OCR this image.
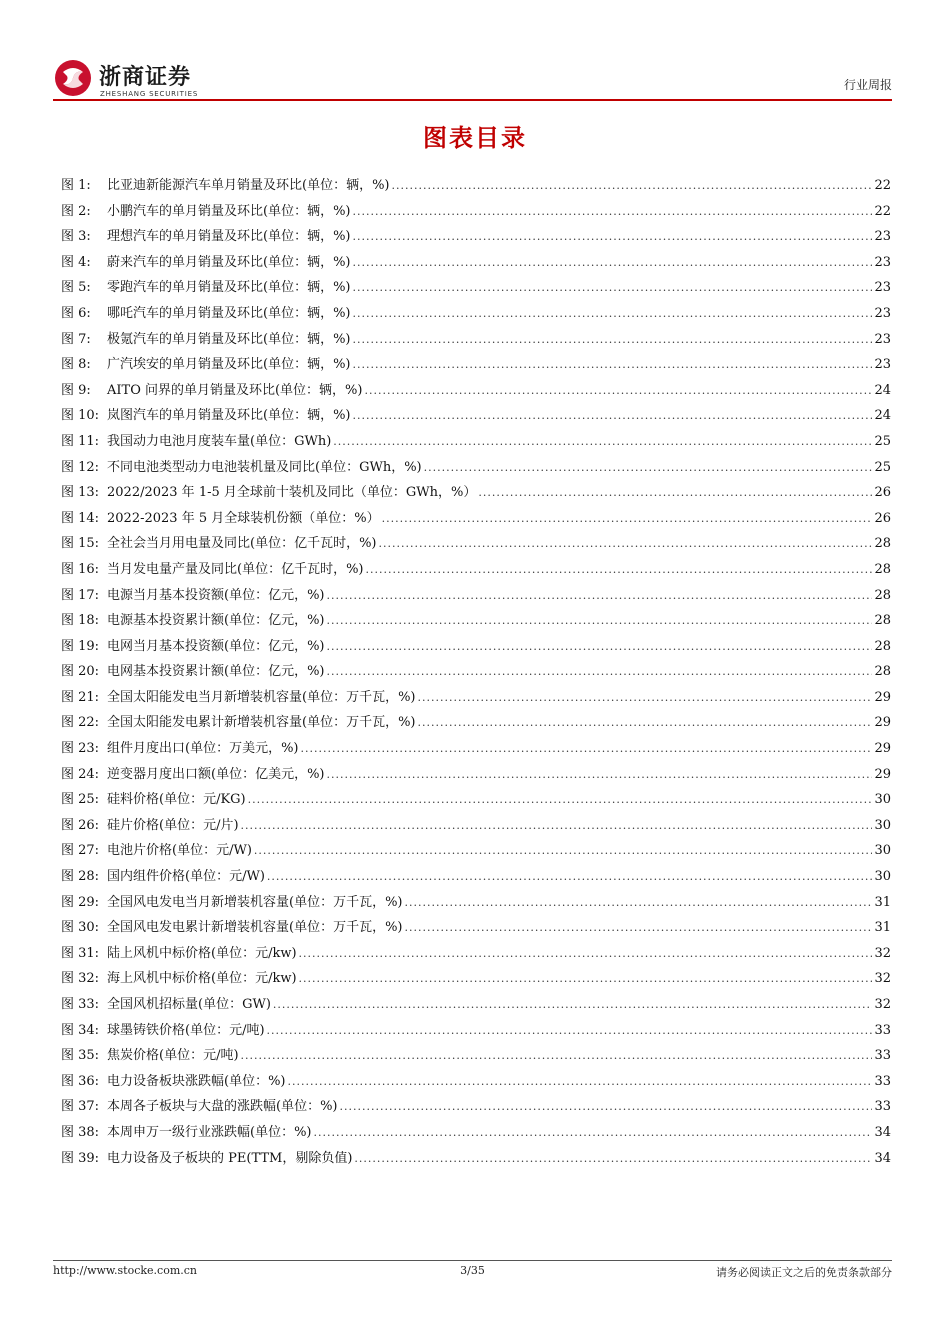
浙商证券
ZHESHANG SECURITIES
行业周报
图表目录
图 1: 比亚迪新能源汽车单月销量及环比(单位：辆，%) .....	22
图 2: 小鹏汽车的单月销量及环比(单位：辆，%) .....	22
图 3: 理想汽车的单月销量及环比(单位：辆，%) .....	23
图 4: 蔚来汽车的单月销量及环比(单位：辆，%) .....	23
图 5: 零跑汽车的单月销量及环比(单位：辆，%) .....	23
图 6: 哪吒汽车的单月销量及环比(单位：辆，%) .....	23
图 7: 极氪汽车的单月销量及环比(单位：辆，%) .....	23
图 8: 广汽埃安的单月销量及环比(单位：辆，%) .....	23
图 9: AITO 问界的单月销量及环比(单位：辆，%) .....	24
图 10: 岚图汽车的单月销量及环比(单位：辆，%) .....	24
图 11: 我国动力电池月度装车量(单位：GWh) .....	25
图 12: 不同电池类型动力电池装机量及同比(单位：GWh，%) .....	25
图 13: 2022/2023 年 1-5 月全球前十装机及同比（单位：GWh，%） .....	26
图 14: 2022-2023 年 5 月全球装机份额（单位：%） .....	26
图 15: 全社会当月用电量及同比(单位：亿千瓦时，%) .....	28
图 16: 当月发电量产量及同比(单位：亿千瓦时，%) .....	28
图 17: 电源当月基本投资额(单位：亿元，%) .....	28
图 18: 电源基本投资累计额(单位：亿元，%) .....	28
图 19: 电网当月基本投资额(单位：亿元，%) .....	28
图 20: 电网基本投资累计额(单位：亿元，%) .....	28
图 21: 全国太阳能发电当月新增装机容量(单位：万千瓦，%) .....	29
图 22: 全国太阳能发电累计新增装机容量(单位：万千瓦，%) .....	29
图 23: 组件月度出口(单位：万美元，%) .....	29
图 24: 逆变器月度出口额(单位：亿美元，%) .....	29
图 25: 硅料价格(单位：元/KG) .....	30
图 26: 硅片价格(单位：元/片) .....	30
图 27: 电池片价格(单位：元/W) .....	30
图 28: 国内组件价格(单位：元/W) .....	30
图 29: 全国风电发电当月新增装机容量(单位：万千瓦，%) .....	31
图 30: 全国风电发电累计新增装机容量(单位：万千瓦，%) .....	31
图 31: 陆上风机中标价格(单位：元/kw) .....	32
图 32: 海上风机中标价格(单位：元/kw) .....	32
图 33: 全国风机招标量(单位：GW) .....	32
图 34: 球墨铸铁价格(单位：元/吨) .....	33
图 35: 焦炭价格(单位：元/吨) .....	33
图 36: 电力设备板块涨跌幅(单位：%) .....	33
图 37: 本周各子板块与大盘的涨跌幅(单位：%) .....	33
图 38: 本周申万一级行业涨跌幅(单位：%) .....	34
图 39: 电力设备及子板块的 PE(TTM，剔除负值) .....	34
http://www.stocke.com.cn	3/35	请务必阅读正文之后的免责条款部分
